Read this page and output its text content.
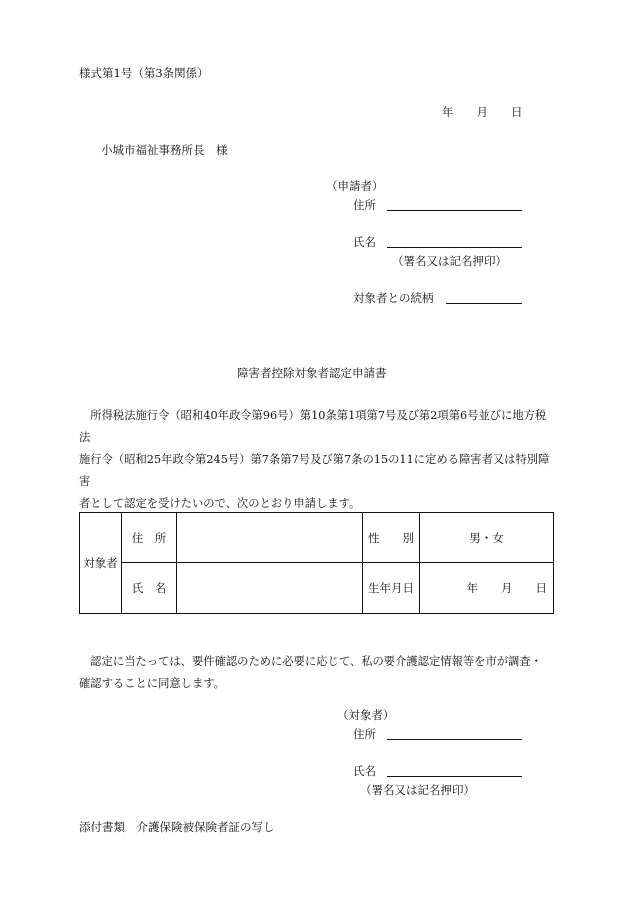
様式第1号（第3条関係）
年　　月　　日
小城市福祉事務所長　様
（申請者）
住所
氏名
（署名又は記名押印）
対象者との続柄
障害者控除対象者認定申請書

　所得税法施行令（昭和40年政令第96号）第10条第1項第7号及び第2項第6号並びに地方税法

施行令（昭和25年政令第245号）第7条第7号及び第7条の15の11に定める障害者又は特別障害

者として認定を受けたいので、次のとおり申請します。

対象者	住　所		性　　別	男・女
	氏　名		生年月日	年　　月　　日

　認定に当たっては、要件確認のために必要に応じて、私の要介護認定情報等を市が調査・

確認することに同意します。

（対象者）
住所
氏名
（署名又は記名押印）
添付書類　介護保険被保険者証の写し
